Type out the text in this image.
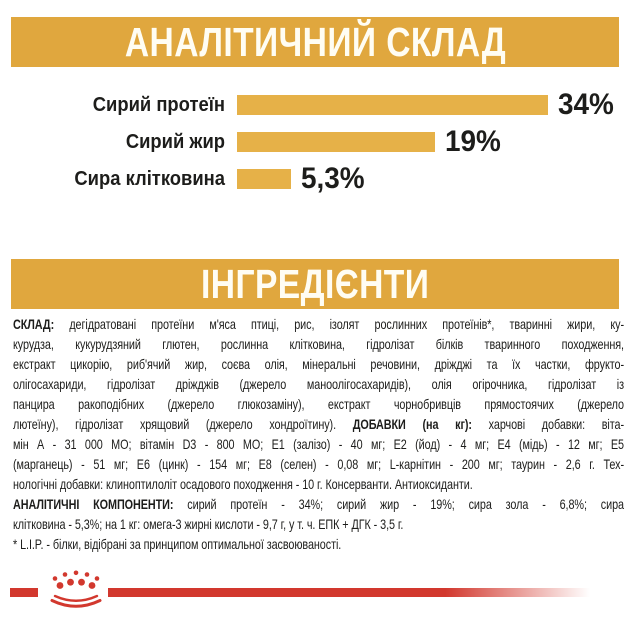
АНАЛІТИЧНИЙ СКЛАД
Сирий протеїн	34%
Сирий жир	19%
Сира клітковина	5,3%
ІНГРЕДІЄНТИ
СКЛАД: дегідратовані протеїни м'яса птиці, рис, ізолят рослинних протеїнів*, тваринні жири, ку-
курудза, кукурудзяний глютен, рослинна клітковина, гідролізат білків тваринного походження,
екстракт цикорію, риб'ячий жир, соєва олія, мінеральні речовини, дріжджі та їх частки, фрукто-
олігосахариди, гідролізат дріжджів (джерело маноолігосахаридів), олія огірочника, гідролізат із
панцира ракоподібних (джерело глюкозаміну), екстракт чорнобривців прямостоячих (джерело
лютеїну), гідролізат хрящовий (джерело хондроїтину). ДОБАВКИ (на кг): харчові добавки: віта-
мін А - 31 000 МО; вітамін D3 - 800 МО; Е1 (залізо) - 40 мг; Е2 (йод) - 4 мг; Е4 (мідь) - 12 мг; Е5
(марганець) - 51 мг; Е6 (цинк) - 154 мг; Е8 (селен) - 0,08 мг; L-карнітин - 200 мг; таурин - 2,6 г. Тех-
нологічні добавки: клиноптилоліт осадового походження - 10 г. Консерванти. Антиоксиданти.
АНАЛІТИЧНІ КОМПОНЕНТИ: сирий протеїн - 34%; сирий жир - 19%; сира зола - 6,8%; сира
клітковина - 5,3%; на 1 кг: омега-3 жирні кислоти - 9,7 г, у т. ч. ЕПК + ДГК - 3,5 г.
* L.I.P. - білки, відібрані за принципом оптимальної засвоюваності.
